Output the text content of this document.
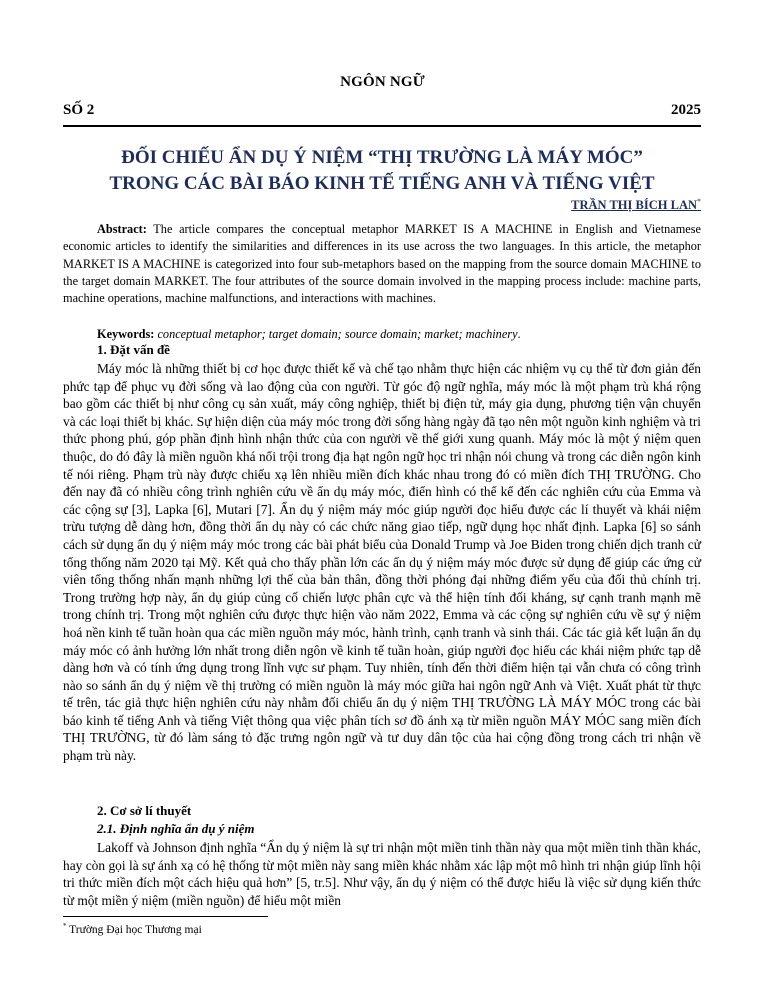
NGÔN NGỮ
SỐ 2	2025
ĐỐI CHIẾU ẨN DỤ Ý NIỆM “THỊ TRƯỜNG LÀ MÁY MÓC”
TRONG CÁC BÀI BÁO KINH TẾ TIẾNG ANH VÀ TIẾNG VIỆT
TRẦN THỊ BÍCH LAN*

Abstract: The article compares the conceptual metaphor MARKET IS A MACHINE in English and Vietnamese economic articles to identify the similarities and differences in its use across the two languages. In this article, the metaphor MARKET IS A MACHINE is categorized into four sub-metaphors based on the mapping from the source domain MACHINE to the target domain MARKET. The four attributes of the source domain involved in the mapping process include: machine parts, machine operations, machine malfunctions, and interactions with machines.

Keywords: conceptual metaphor; target domain; source domain; market; machinery.

1. Đặt vấn đề

Máy móc là những thiết bị cơ học được thiết kế và chế tạo nhằm thực hiện các nhiệm vụ cụ thể từ đơn giản đến phức tạp để phục vụ đời sống và lao động của con người. Từ góc độ ngữ nghĩa, máy móc là một phạm trù khá rộng bao gồm các thiết bị như công cụ sản xuất, máy công nghiệp, thiết bị điện tử, máy gia dụng, phương tiện vận chuyển và các loại thiết bị khác. Sự hiện diện của máy móc trong đời sống hàng ngày đã tạo nên một nguồn kinh nghiệm và tri thức phong phú, góp phần định hình nhận thức của con người về thế giới xung quanh. Máy móc là một ý niệm quen thuộc, do đó đây là miền nguồn khá nổi trội trong địa hạt ngôn ngữ học tri nhận nói chung và trong các diễn ngôn kinh tế nói riêng. Phạm trù này được chiếu xạ lên nhiều miền đích khác nhau trong đó có miền đích THỊ TRƯỜNG. Cho đến nay đã có nhiều công trình nghiên cứu về ẩn dụ máy móc, điển hình có thể kể đến các nghiên cứu của Emma và các cộng sự [3], Lapka [6], Mutari [7]. Ẩn dụ ý niệm máy móc giúp người đọc hiểu được các lí thuyết và khái niệm trừu tượng dễ dàng hơn, đồng thời ẩn dụ này có các chức năng giao tiếp, ngữ dụng học nhất định. Lapka [6] so sánh cách sử dụng ẩn dụ ý niệm máy móc trong các bài phát biểu của Donald Trump và Joe Biden trong chiến dịch tranh cử tổng thống năm 2020 tại Mỹ. Kết quả cho thấy phần lớn các ẩn dụ ý niệm máy móc được sử dụng để giúp các ứng cử viên tổng thống nhấn mạnh những lợi thế của bản thân, đồng thời phóng đại những điểm yếu của đối thủ chính trị. Trong trường hợp này, ẩn dụ giúp củng cố chiến lược phân cực và thể hiện tính đối kháng, sự cạnh tranh mạnh mẽ trong chính trị. Trong một nghiên cứu được thực hiện vào năm 2022, Emma và các cộng sự nghiên cứu về sự ý niệm hoá nền kinh tế tuần hoàn qua các miền nguồn máy móc, hành trình, cạnh tranh và sinh thái. Các tác giả kết luận ẩn dụ máy móc có ảnh hưởng lớn nhất trong diễn ngôn về kinh tế tuần hoàn, giúp người đọc hiểu các khái niệm phức tạp dễ dàng hơn và có tính ứng dụng trong lĩnh vực sư phạm. Tuy nhiên, tính đến thời điểm hiện tại vẫn chưa có công trình nào so sánh ẩn dụ ý niệm về thị trường có miền nguồn là máy móc giữa hai ngôn ngữ Anh và Việt. Xuất phát từ thực tế trên, tác giả thực hiện nghiên cứu này nhằm đối chiếu ẩn dụ ý niệm THỊ TRƯỜNG LÀ MÁY MÓC trong các bài báo kinh tế tiếng Anh và tiếng Việt thông qua việc phân tích sơ đồ ánh xạ từ miền nguồn MÁY MÓC sang miền đích THỊ TRƯỜNG, từ đó làm sáng tỏ đặc trưng ngôn ngữ và tư duy dân tộc của hai cộng đồng trong cách tri nhận về phạm trù này.

2. Cơ sở lí thuyết
2.1. Định nghĩa ẩn dụ ý niệm

Lakoff và Johnson định nghĩa “Ẩn dụ ý niệm là sự tri nhận một miền tinh thần này qua một miền tinh thần khác, hay còn gọi là sự ánh xạ có hệ thống từ một miền này sang miền khác nhằm xác lập một mô hình tri nhận giúp lĩnh hội tri thức miền đích một cách hiệu quả hơn” [5, tr.5]. Như vậy, ẩn dụ ý niệm có thể được hiểu là việc sử dụng kiến thức từ một miền ý niệm (miền nguồn) để hiểu một miền

* Trường Đại học Thương mại
